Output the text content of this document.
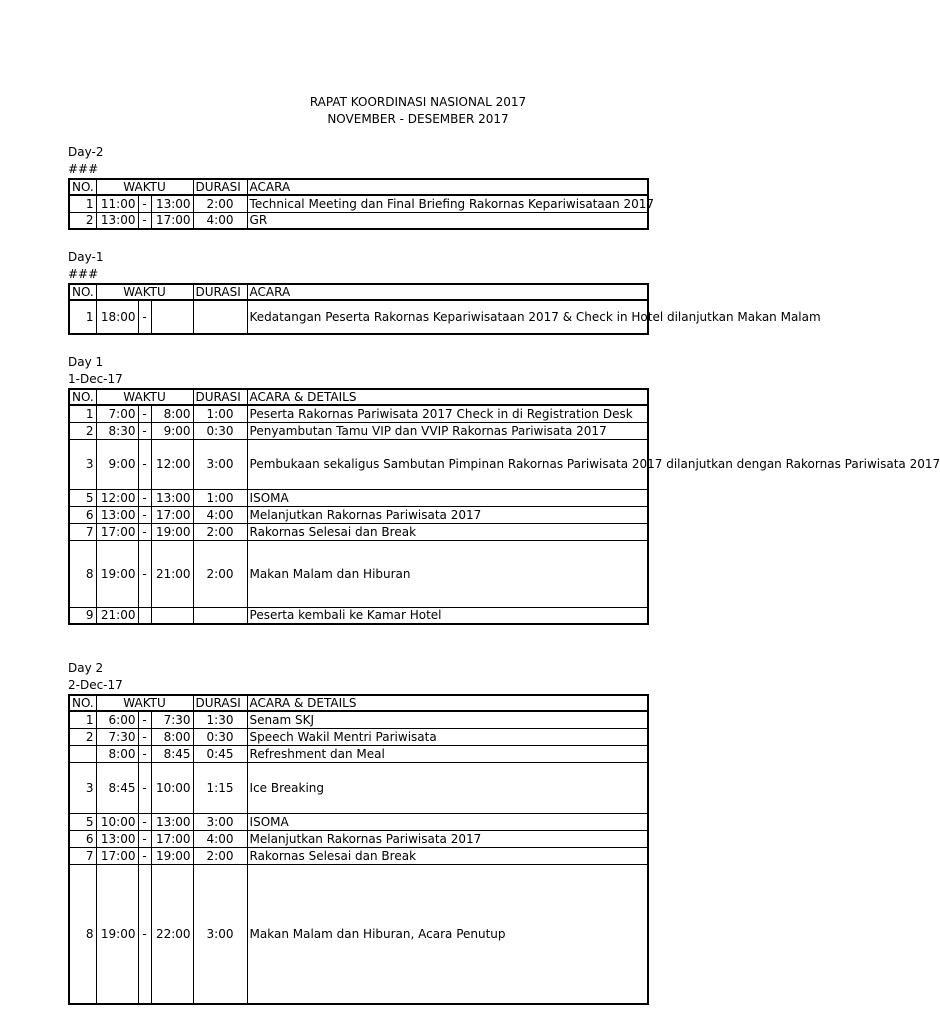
RAPAT KOORDINASI NASIONAL 2017
NOVEMBER - DESEMBER 2017
Day-2
###
NO.	WAKTU			DURASI	ACARA
1	11:00	-	13:00	2:00	Technical Meeting dan Final Briefing Rakornas Kepariwisataan 2017
2	13:00	-	17:00	4:00	GR
Day-1
###
NO.	WAKTU			DURASI	ACARA
1	18:00	-			Kedatangan Peserta Rakornas Kepariwisataan 2017 & Check in Hotel dilanjutkan Makan Malam
Day 1
1-Dec-17
NO.	WAKTU			DURASI	ACARA & DETAILS
1	7:00	-	8:00	1:00	Peserta Rakornas Pariwisata 2017 Check in di Registration Desk
2	8:30	-	9:00	0:30	Penyambutan Tamu VIP dan VVIP Rakornas Pariwisata 2017
3	9:00	-	12:00	3:00	Pembukaan sekaligus Sambutan Pimpinan Rakornas Pariwisata 2017 dilanjutkan dengan Rakornas Pariwisata 2017
5	12:00	-	13:00	1:00	ISOMA
6	13:00	-	17:00	4:00	Melanjutkan Rakornas Pariwisata 2017
7	17:00	-	19:00	2:00	Rakornas Selesai dan Break
8	19:00	-	21:00	2:00	Makan Malam dan Hiburan
9	21:00				Peserta kembali ke Kamar Hotel
Day 2
2-Dec-17
NO.	WAKTU			DURASI	ACARA & DETAILS
1	6:00	-	7:30	1:30	Senam SKJ
2	7:30	-	8:00	0:30	Speech Wakil Mentri Pariwisata
	8:00	-	8:45	0:45	Refreshment dan Meal
3	8:45	-	10:00	1:15	Ice Breaking
5	10:00	-	13:00	3:00	ISOMA
6	13:00	-	17:00	4:00	Melanjutkan Rakornas Pariwisata 2017
7	17:00	-	19:00	2:00	Rakornas Selesai dan Break
8	19:00	-	22:00	3:00	Makan Malam dan Hiburan, Acara Penutup
